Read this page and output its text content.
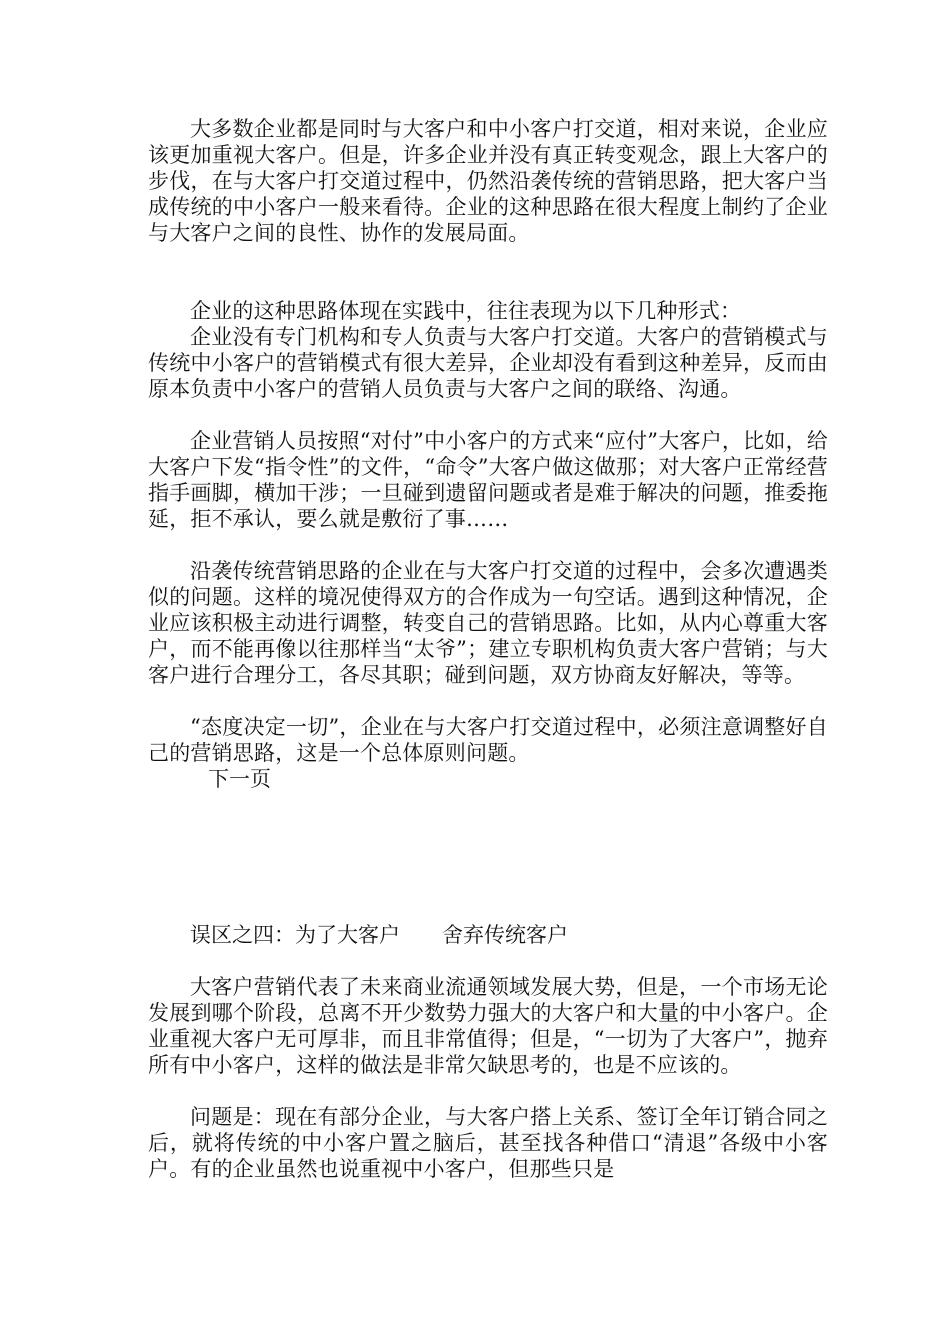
大多数企业都是同时与大客户和中小客户打交道，相对来说，企业应该更加重视大客户。但是，许多企业并没有真正转变观念，跟上大客户的步伐，在与大客户打交道过程中，仍然沿袭传统的营销思路，把大客户当成传统的中小客户一般来看待。企业的这种思路在很大程度上制约了企业与大客户之间的良性、协作的发展局面。

企业的这种思路体现在实践中，往往表现为以下几种形式：

企业没有专门机构和专人负责与大客户打交道。大客户的营销模式与传统中小客户的营销模式有很大差异，企业却没有看到这种差异，反而由原本负责中小客户的营销人员负责与大客户之间的联络、沟通。

企业营销人员按照“对付”中小客户的方式来“应付”大客户，比如，给大客户下发“指令性”的文件，“命令”大客户做这做那；对大客户正常经营指手画脚，横加干涉；一旦碰到遗留问题或者是难于解决的问题，推委拖延，拒不承认，要么就是敷衍了事……

沿袭传统营销思路的企业在与大客户打交道的过程中，会多次遭遇类似的问题。这样的境况使得双方的合作成为一句空话。遇到这种情况，企业应该积极主动进行调整，转变自己的营销思路。比如，从内心尊重大客户，而不能再像以往那样当“太爷”；建立专职机构负责大客户营销；与大客户进行合理分工，各尽其职；碰到问题，双方协商友好解决，等等。

“态度决定一切”，企业在与大客户打交道过程中，必须注意调整好自己的营销思路，这是一个总体原则问题。

下一页

误区之四：为了大客户　　舍弃传统客户

大客户营销代表了未来商业流通领域发展大势，但是，一个市场无论发展到哪个阶段，总离不开少数势力强大的大客户和大量的中小客户。企业重视大客户无可厚非，而且非常值得；但是，“一切为了大客户”，抛弃所有中小客户，这样的做法是非常欠缺思考的，也是不应该的。

问题是：现在有部分企业，与大客户搭上关系、签订全年订销合同之后，就将传统的中小客户置之脑后，甚至找各种借口“清退”各级中小客户。有的企业虽然也说重视中小客户，但那些只是
